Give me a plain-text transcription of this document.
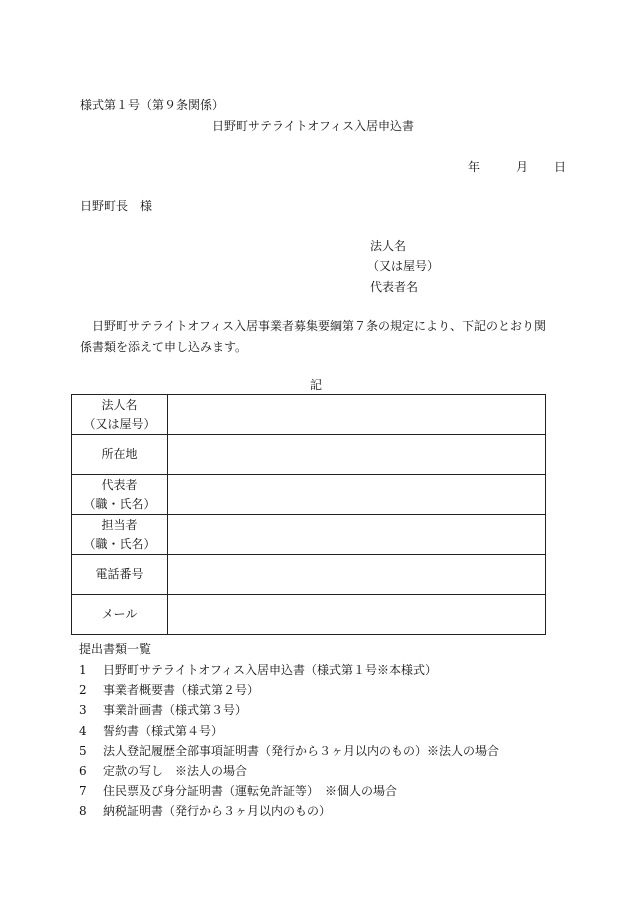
様式第１号（第９条関係）
日野町サテライトオフィス入居申込書
年	月 日
日野町長　様
法人名
（又は屋号）
代表者名
日野町サテライトオフィス入居事業者募集要綱第７条の規定により、下記のとおり関係書類を添えて申し込みます。
記
法人名
（又は屋号）	

所在地	

代表者
（職・氏名）	

担当者
（職・氏名）	

電話番号	

メール	

提出書類一覧
1 日野町サテライトオフィス入居申込書（様式第１号※本様式）
2 事業者概要書（様式第２号）
3 事業計画書（様式第３号）
4 誓約書（様式第４号）
5 法人登記履歴全部事項証明書（発行から３ヶ月以内のもの）※法人の場合
6 定款の写し　※法人の場合
7 住民票及び身分証明書（運転免許証等）　※個人の場合
8 納税証明書（発行から３ヶ月以内のもの）
